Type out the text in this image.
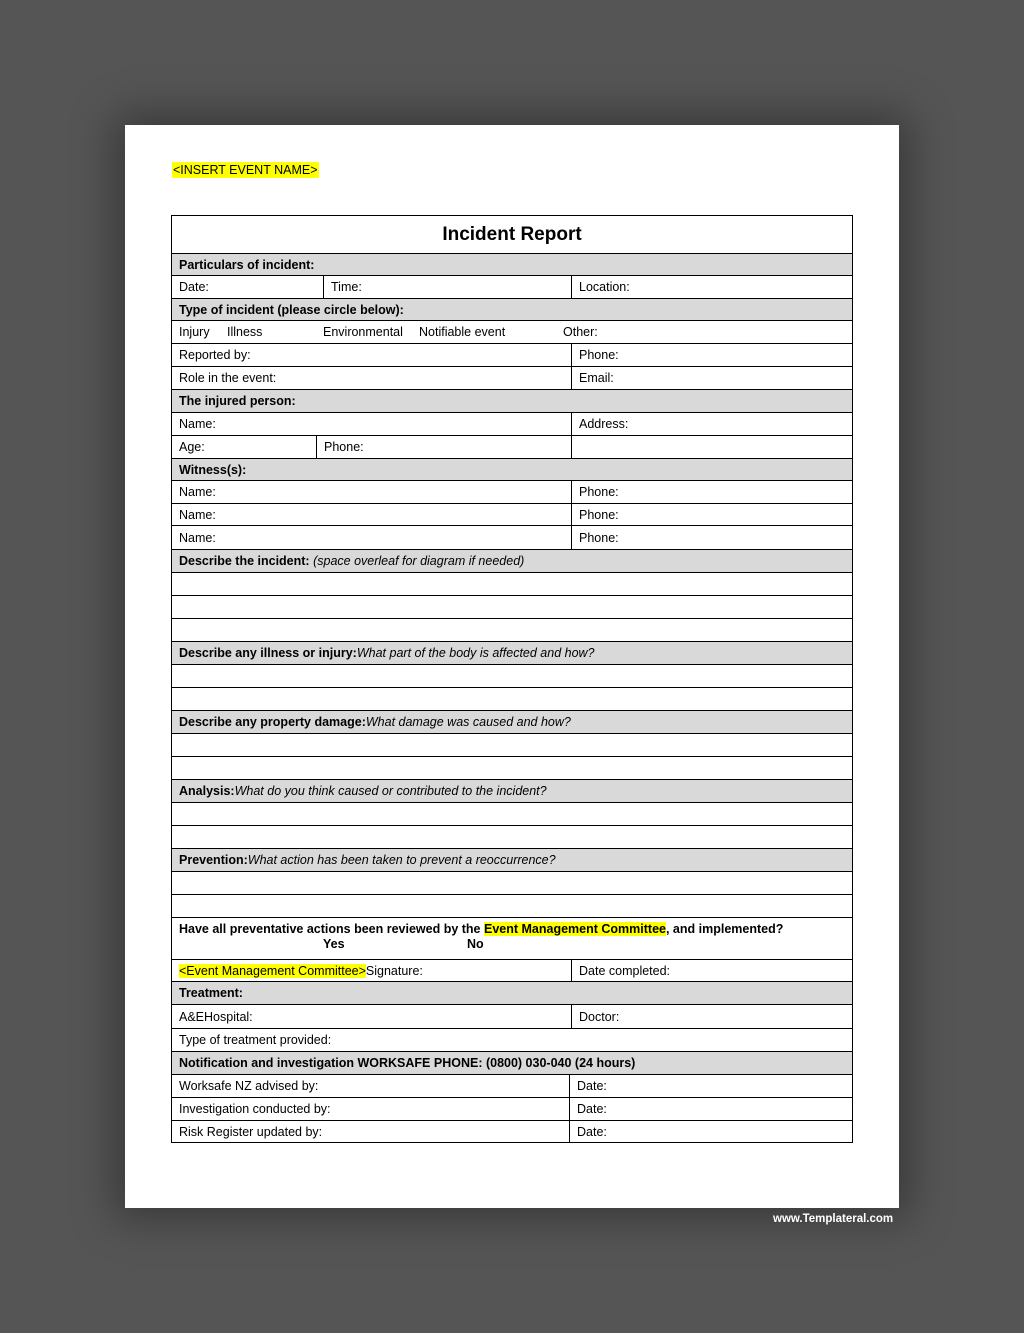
<INSERT EVENT NAME>
Incident Report
Particulars of incident:
Date:	Time:	Location:
Type of incident (please circle below):
Injury Illness	Environmental Notifiable event	Other:
Reported by:	Phone:
Role in the event:	Email:
The injured person:
Name:	Address:
Age:	Phone:
Witness(s):
Name:	Phone:
Name:	Phone:
Name:	Phone:
Describe the incident:
(space overleaf for diagram if needed)
Describe any illness or injury: What part of the body is affected and how?
Describe any property damage: What damage was caused and how?
Analysis: What do you think caused or contributed to the incident?
Prevention: What action has been taken to prevent a reoccurrence?
Have all preventative actions been reviewed by the Event Management Committee, and implemented?
Yes	No
<Event Management Committee> Signature:	Date completed:
Treatment:
A&EHospital:	Doctor:
Type of treatment provided:
Notification and investigation WORKSAFE PHONE: (0800) 030-040 (24 hours)
Worksafe NZ advised by:	Date:
Investigation conducted by:	Date:
Risk Register updated by:	Date:
www.Templateral.com
